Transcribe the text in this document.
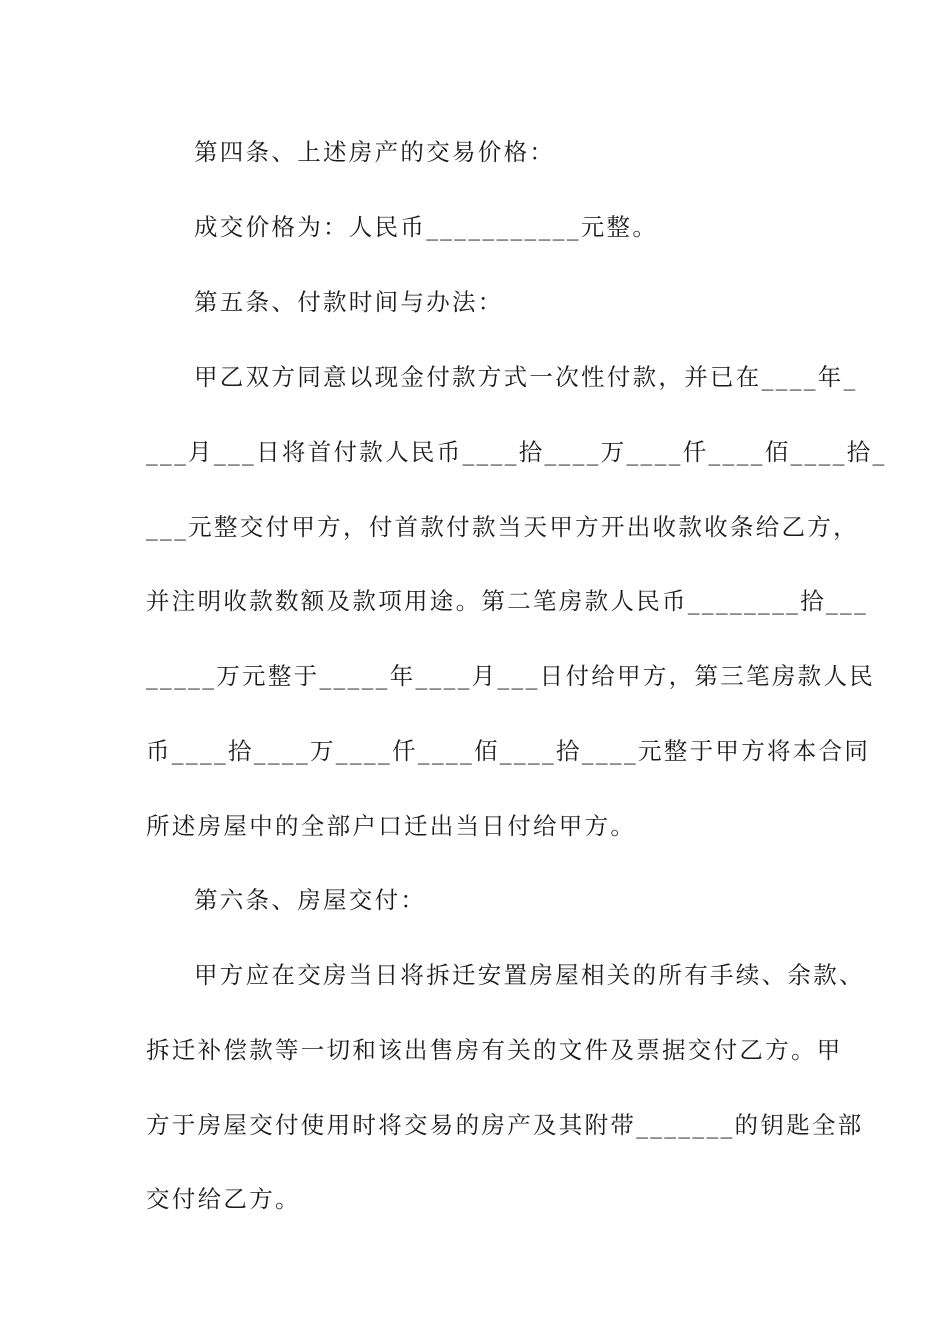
第四条、上述房产的交易价格：
成交价格为：人民币___________元整。
第五条、付款时间与办法：
甲乙双方同意以现金付款方式一次性付款，并已在____年_
___月___日将首付款人民币____拾____万____仟____佰____拾_
___元整交付甲方，付首款付款当天甲方开出收款收条给乙方，
并注明收款数额及款项用途。第二笔房款人民币________拾___
_____万元整于_____年____月___日付给甲方，第三笔房款人民
币____拾____万____仟____佰____拾____元整于甲方将本合同
所述房屋中的全部户口迁出当日付给甲方。
第六条、房屋交付：
甲方应在交房当日将拆迁安置房屋相关的所有手续、余款、
拆迁补偿款等一切和该出售房有关的文件及票据交付乙方。甲
方于房屋交付使用时将交易的房产及其附带_______的钥匙全部
交付给乙方。
